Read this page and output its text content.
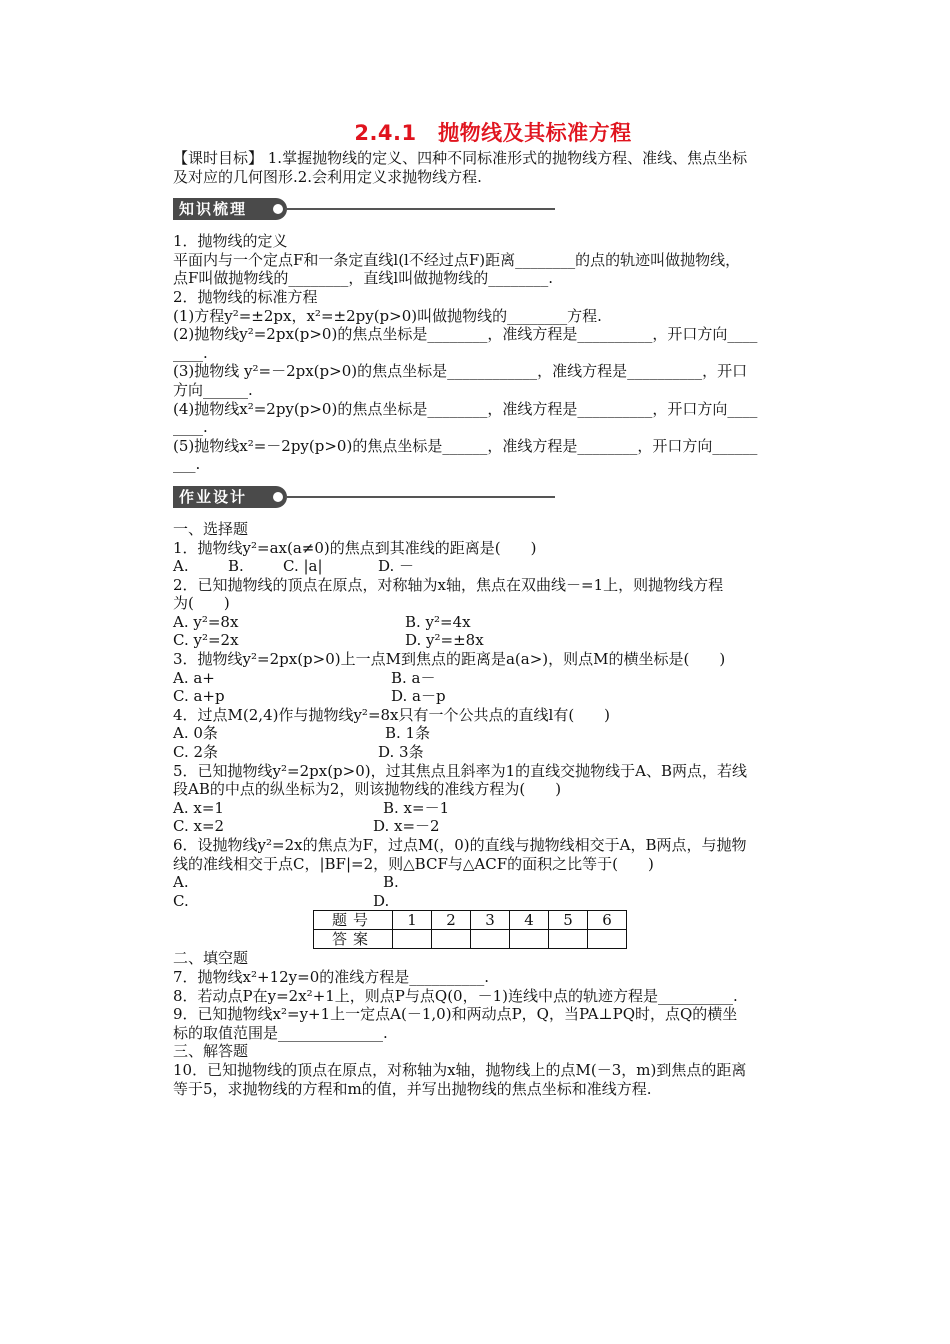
2.4.1　抛物线及其标准方程
【课时目标】 1.掌握抛物线的定义、四种不同标准形式的抛物线方程、准线、焦点坐标
及对应的几何图形.2.会利用定义求抛物线方程.
知识梳理
1．抛物线的定义
平面内与一个定点F和一条定直线l(l不经过点F)距离________的点的轨迹叫做抛物线，
点F叫做抛物线的________，直线l叫做抛物线的________.
2．抛物线的标准方程
(1)方程y²=±2px，x²=±2py(p>0)叫做抛物线的________方程.
(2)抛物线y²=2px(p>0)的焦点坐标是________，准线方程是__________，开口方向____
____.
(3)抛物线 y²=－2px(p>0)的焦点坐标是____________，准线方程是__________，开口
方向______.
(4)抛物线x²=2py(p>0)的焦点坐标是________，准线方程是__________，开口方向____
____.
(5)抛物线x²=－2py(p>0)的焦点坐标是______，准线方程是________，开口方向______
___.
作业设计
一、选择题
1．抛物线y²=ax(a≠0)的焦点到其准线的距离是(　　)
A.	B.	C. |a|	D. －
2．已知抛物线的顶点在原点，对称轴为x轴，焦点在双曲线－=1上，则抛物线方程
为(　　)
A. y²=8x	B. y²=4x
C. y²=2x	D. y²=±8x
3．抛物线y²=2px(p>0)上一点M到焦点的距离是a(a>)，则点M的横坐标是(　　)
A. a+	B. a－
C. a+p	D. a－p
4．过点M(2,4)作与抛物线y²=8x只有一个公共点的直线l有(　　)
A. 0条	B. 1条
C. 2条	D. 3条
5．已知抛物线y²=2px(p>0)，过其焦点且斜率为1的直线交抛物线于A、B两点，若线
段AB的中点的纵坐标为2，则该抛物线的准线方程为(　　)
A. x=1	B. x=－1
C. x=2	D. x=－2
6．设抛物线y²=2x的焦点为F，过点M(，0)的直线与抛物线相交于A，B两点，与抛物
线的准线相交于点C，|BF|=2，则△BCF与△ACF的面积之比等于(　　)
A.	B.
C.	D.
题号	1	2	3	4	5	6
答案						
二、填空题
7．抛物线x²+12y=0的准线方程是__________.
8．若动点P在y=2x²+1上，则点P与点Q(0，－1)连线中点的轨迹方程是__________.
9．已知抛物线x²=y+1上一定点A(－1,0)和两动点P，Q，当PA⊥PQ时，点Q的横坐
标的取值范围是______________.
三、解答题
10．已知抛物线的顶点在原点，对称轴为x轴，抛物线上的点M(－3，m)到焦点的距离
等于5，求抛物线的方程和m的值，并写出抛物线的焦点坐标和准线方程.
